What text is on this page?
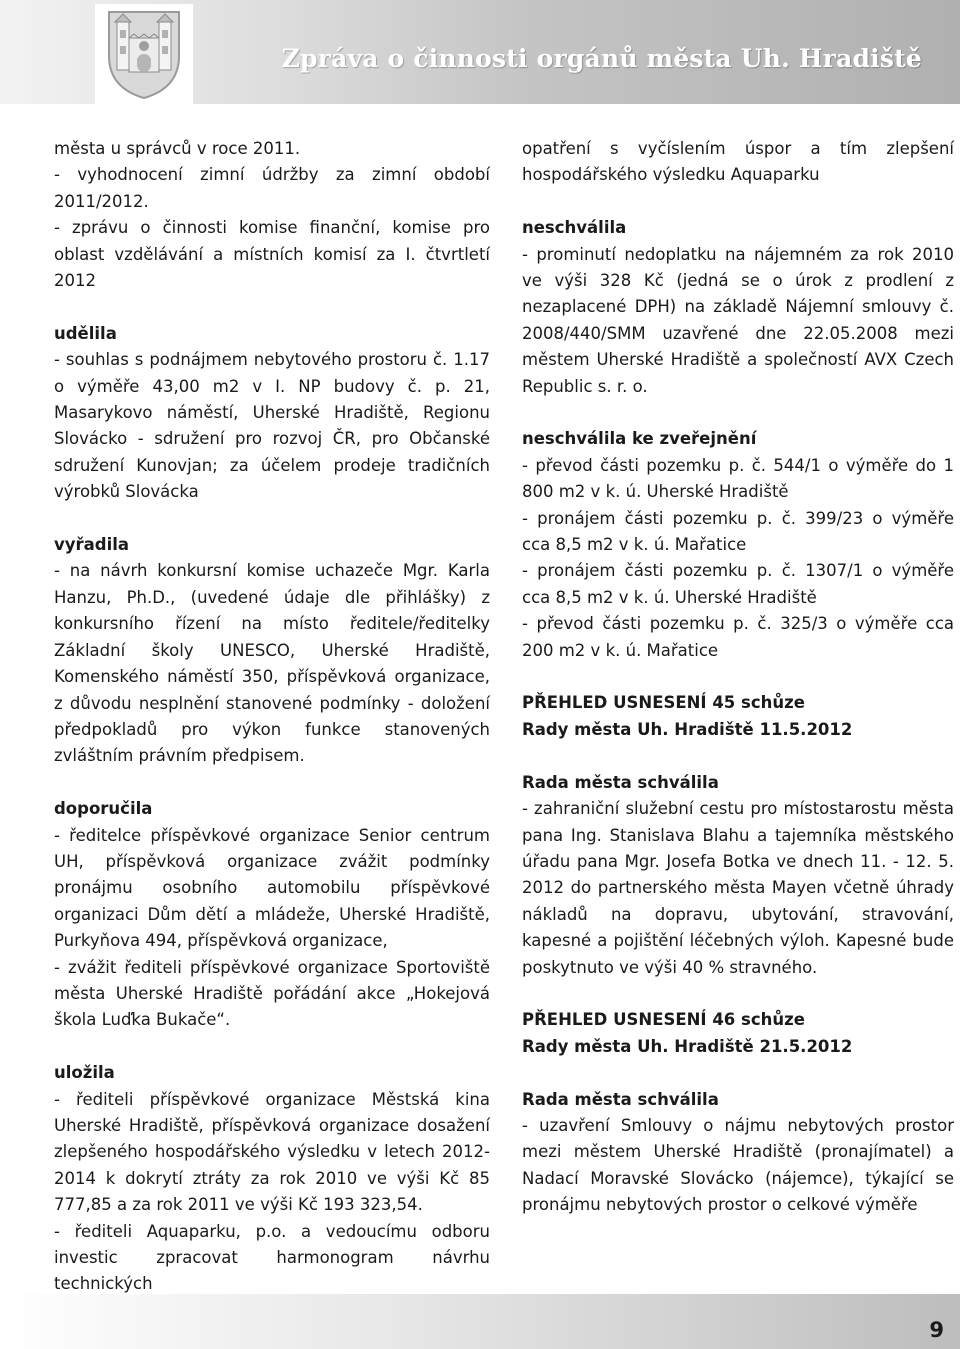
Zpráva o činnosti orgánů města Uh. Hradiště

města u správců v roce 2011.

- vyhodnocení zimní údržby za zimní období 2011/2012.

- zprávu o činnosti komise finanční, komise pro oblast vzdělávání a místních komisí za I. čtvrtletí 2012

udělila

- souhlas s podnájmem nebytového prostoru č. 1.17 o výměře 43,00 m2 v I. NP budovy č. p. 21, Masarykovo náměstí, Uherské Hradiště, Regionu Slovácko - sdružení pro rozvoj ČR, pro Občanské sdružení Kunovjan; za účelem prodeje tradičních výrobků Slovácka

vyřadila

- na návrh konkursní komise uchazeče Mgr. Karla Hanzu, Ph.D., (uvedené údaje dle přihlášky) z konkursního řízení na místo ředitele/ředitelky Základní školy UNESCO, Uherské Hradiště, Komenského náměstí 350, příspěvková organizace, z důvodu nesplnění stanovené podmínky - doložení předpokladů pro výkon funkce stanovených zvláštním právním předpisem.

doporučila

- ředitelce příspěvkové organizace Senior centrum UH, příspěvková organizace zvážit podmínky pronájmu osobního automobilu příspěvkové organizaci Dům dětí a mládeže, Uherské Hradiště, Purkyňova 494, příspěvková organizace,

- zvážit řediteli příspěvkové organizace Sportoviště města Uherské Hradiště pořádání akce „Hokejová škola Luďka Bukače“.

uložila

- řediteli příspěvkové organizace Městská kina Uherské Hradiště, příspěvková organizace dosažení zlepšeného hospodářského výsledku v letech 2012-2014 k dokrytí ztráty za rok 2010 ve výši Kč 85 777,85 a za rok 2011 ve výši Kč 193 323,54.

- řediteli Aquaparku, p.o. a vedoucímu odboru investic zpracovat harmonogram návrhu technických

opatření s vyčíslením úspor a tím zlepšení hospodářského výsledku Aquaparku

neschválila

- prominutí nedoplatku na nájemném za rok 2010 ve výši 328 Kč (jedná se o úrok z prodlení z nezaplacené DPH) na základě Nájemní smlouvy č. 2008/440/SMM uzavřené dne 22.05.2008 mezi městem Uherské Hradiště a společností AVX Czech Republic s. r. o.

neschválila ke zveřejnění

- převod části pozemku p. č. 544/1 o výměře do 1 800 m2 v k. ú. Uherské Hradiště

- pronájem části pozemku p. č. 399/23 o výměře cca 8,5 m2 v k. ú. Mařatice

- pronájem části pozemku p. č. 1307/1 o výměře cca 8,5 m2 v k. ú. Uherské Hradiště

- převod části pozemku p. č. 325/3 o výměře cca 200 m2 v k. ú. Mařatice

PŘEHLED USNESENÍ 45 schůze
Rady města Uh. Hradiště 11.5.2012
Rada města schválila

- zahraniční služební cestu pro místostarostu města pana Ing. Stanislava Blahu a tajemníka městského úřadu pana Mgr. Josefa Botka ve dnech 11. - 12. 5. 2012 do partnerského města Mayen včetně úhrady nákladů na dopravu, ubytování, stravování, kapesné a pojištění léčebných výloh. Kapesné bude poskytnuto ve výši 40 % stravného.

PŘEHLED USNESENÍ 46 schůze
Rady města Uh. Hradiště 21.5.2012
Rada města schválila

- uzavření Smlouvy o nájmu nebytových prostor mezi městem Uherské Hradiště (pronajímatel) a Nadací Moravské Slovácko (nájemce), týkající se pronájmu nebytových prostor o celkové výměře

9
